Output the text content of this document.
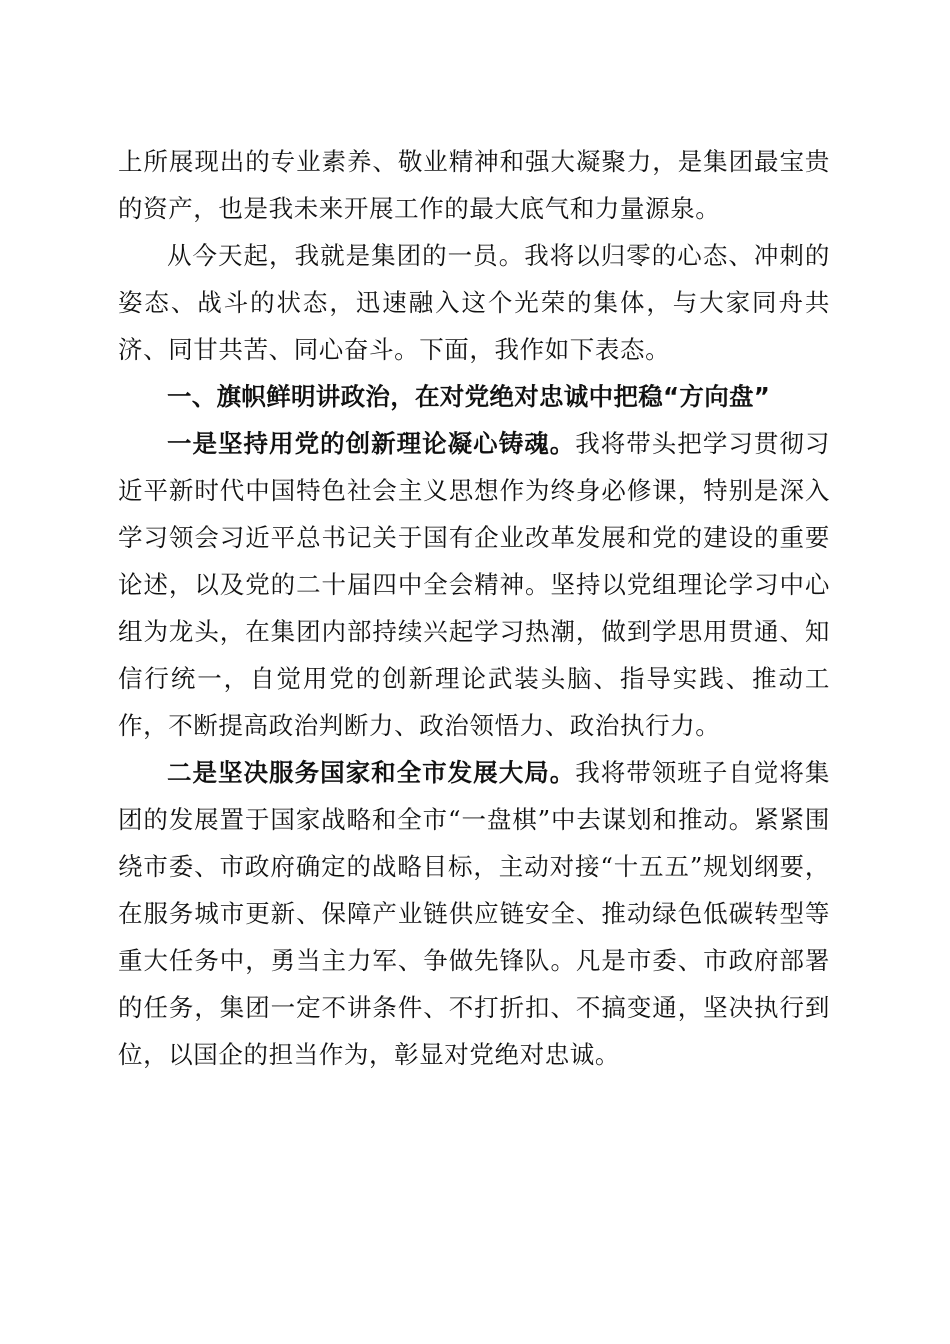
上所展现出的专业素养、敬业精神和强大凝聚力，是集团最宝贵的资产，也是我未来开展工作的最大底气和力量源泉。

从今天起，我就是集团的一员。我将以归零的心态、冲刺的姿态、战斗的状态，迅速融入这个光荣的集体，与大家同舟共济、同甘共苦、同心奋斗。下面，我作如下表态。

一、旗帜鲜明讲政治，在对党绝对忠诚中把稳“方向盘”

一是坚持用党的创新理论凝心铸魂。我将带头把学习贯彻习近平新时代中国特色社会主义思想作为终身必修课，特别是深入学习领会习近平总书记关于国有企业改革发展和党的建设的重要论述，以及党的二十届四中全会精神。坚持以党组理论学习中心组为龙头，在集团内部持续兴起学习热潮，做到学思用贯通、知信行统一，自觉用党的创新理论武装头脑、指导实践、推动工作，不断提高政治判断力、政治领悟力、政治执行力。

二是坚决服务国家和全市发展大局。我将带领班子自觉将集团的发展置于国家战略和全市“一盘棋”中去谋划和推动。紧紧围绕市委、市政府确定的战略目标，主动对接“十五五”规划纲要，在服务城市更新、保障产业链供应链安全、推动绿色低碳转型等重大任务中，勇当主力军、争做先锋队。凡是市委、市政府部署的任务，集团一定不讲条件、不打折扣、不搞变通，坚决执行到位，以国企的担当作为，彰显对党绝对忠诚。
